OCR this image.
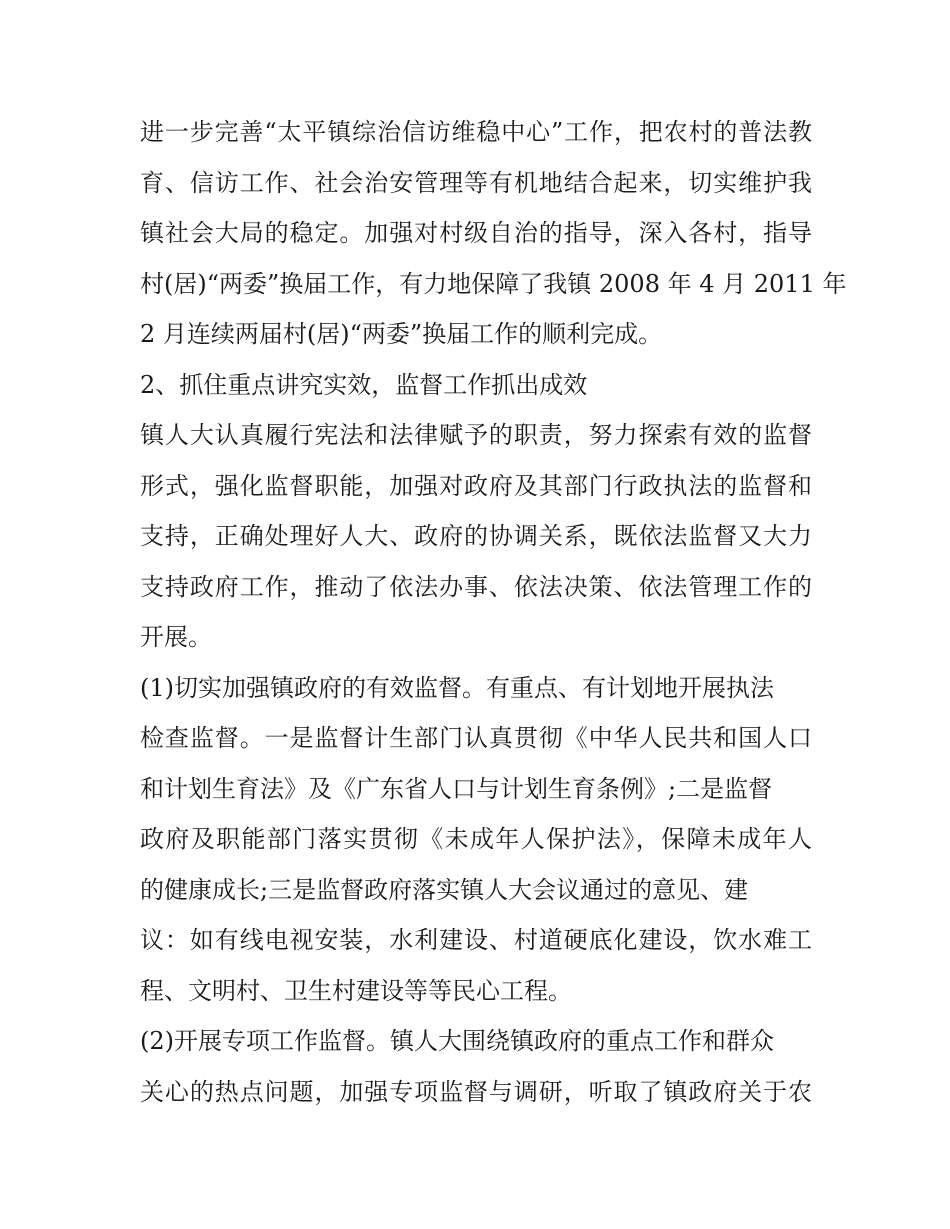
进一步完善“太平镇综治信访维稳中心”工作，把农村的普法教
育、信访工作、社会治安管理等有机地结合起来，切实维护我
镇社会大局的稳定。加强对村级自治的指导，深入各村，指导
村(居)“两委”换届工作，有力地保障了我镇 2008 年 4 月 2011 年
2 月连续两届村(居)“两委”换届工作的顺利完成。
2、抓住重点讲究实效，监督工作抓出成效
镇人大认真履行宪法和法律赋予的职责，努力探索有效的监督
形式，强化监督职能，加强对政府及其部门行政执法的监督和
支持，正确处理好人大、政府的协调关系，既依法监督又大力
支持政府工作，推动了依法办事、依法决策、依法管理工作的
开展。
(1)切实加强镇政府的有效监督。有重点、有计划地开展执法
检查监督。一是监督计生部门认真贯彻《中华人民共和国人口
和计划生育法》及《广东省人口与计划生育条例》;二是监督
政府及职能部门落实贯彻《未成年人保护法》，保障未成年人
的健康成长;三是监督政府落实镇人大会议通过的意见、建
议：如有线电视安装，水利建设、村道硬底化建设，饮水难工
程、文明村、卫生村建设等等民心工程。
(2)开展专项工作监督。镇人大围绕镇政府的重点工作和群众
关心的热点问题，加强专项监督与调研，听取了镇政府关于农
